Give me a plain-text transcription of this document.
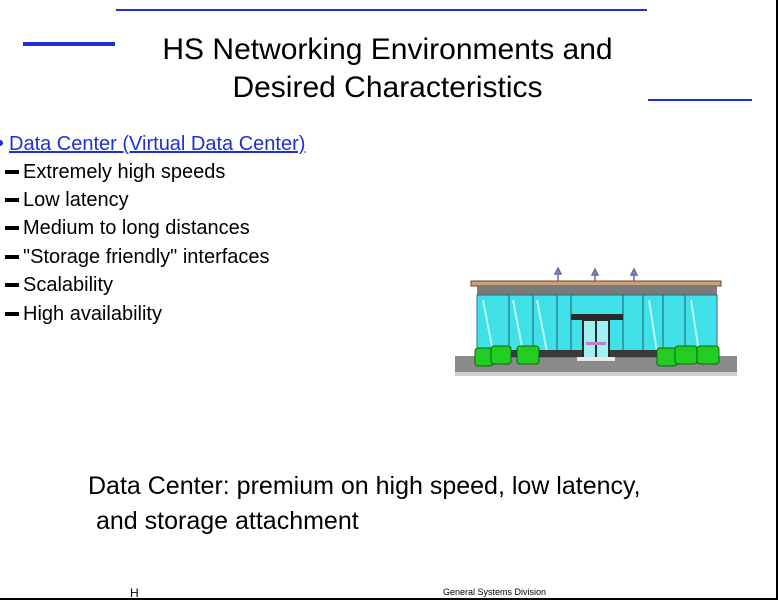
HS Networking Environments and
Desired Characteristics
Data Center (Virtual Data Center)
Extremely high speeds
Low latency
Medium to long distances
"Storage friendly" interfaces
Scalability
High availability
Data Center: premium on high speed, low latency,
and storage attachment
H	General Systems Division
